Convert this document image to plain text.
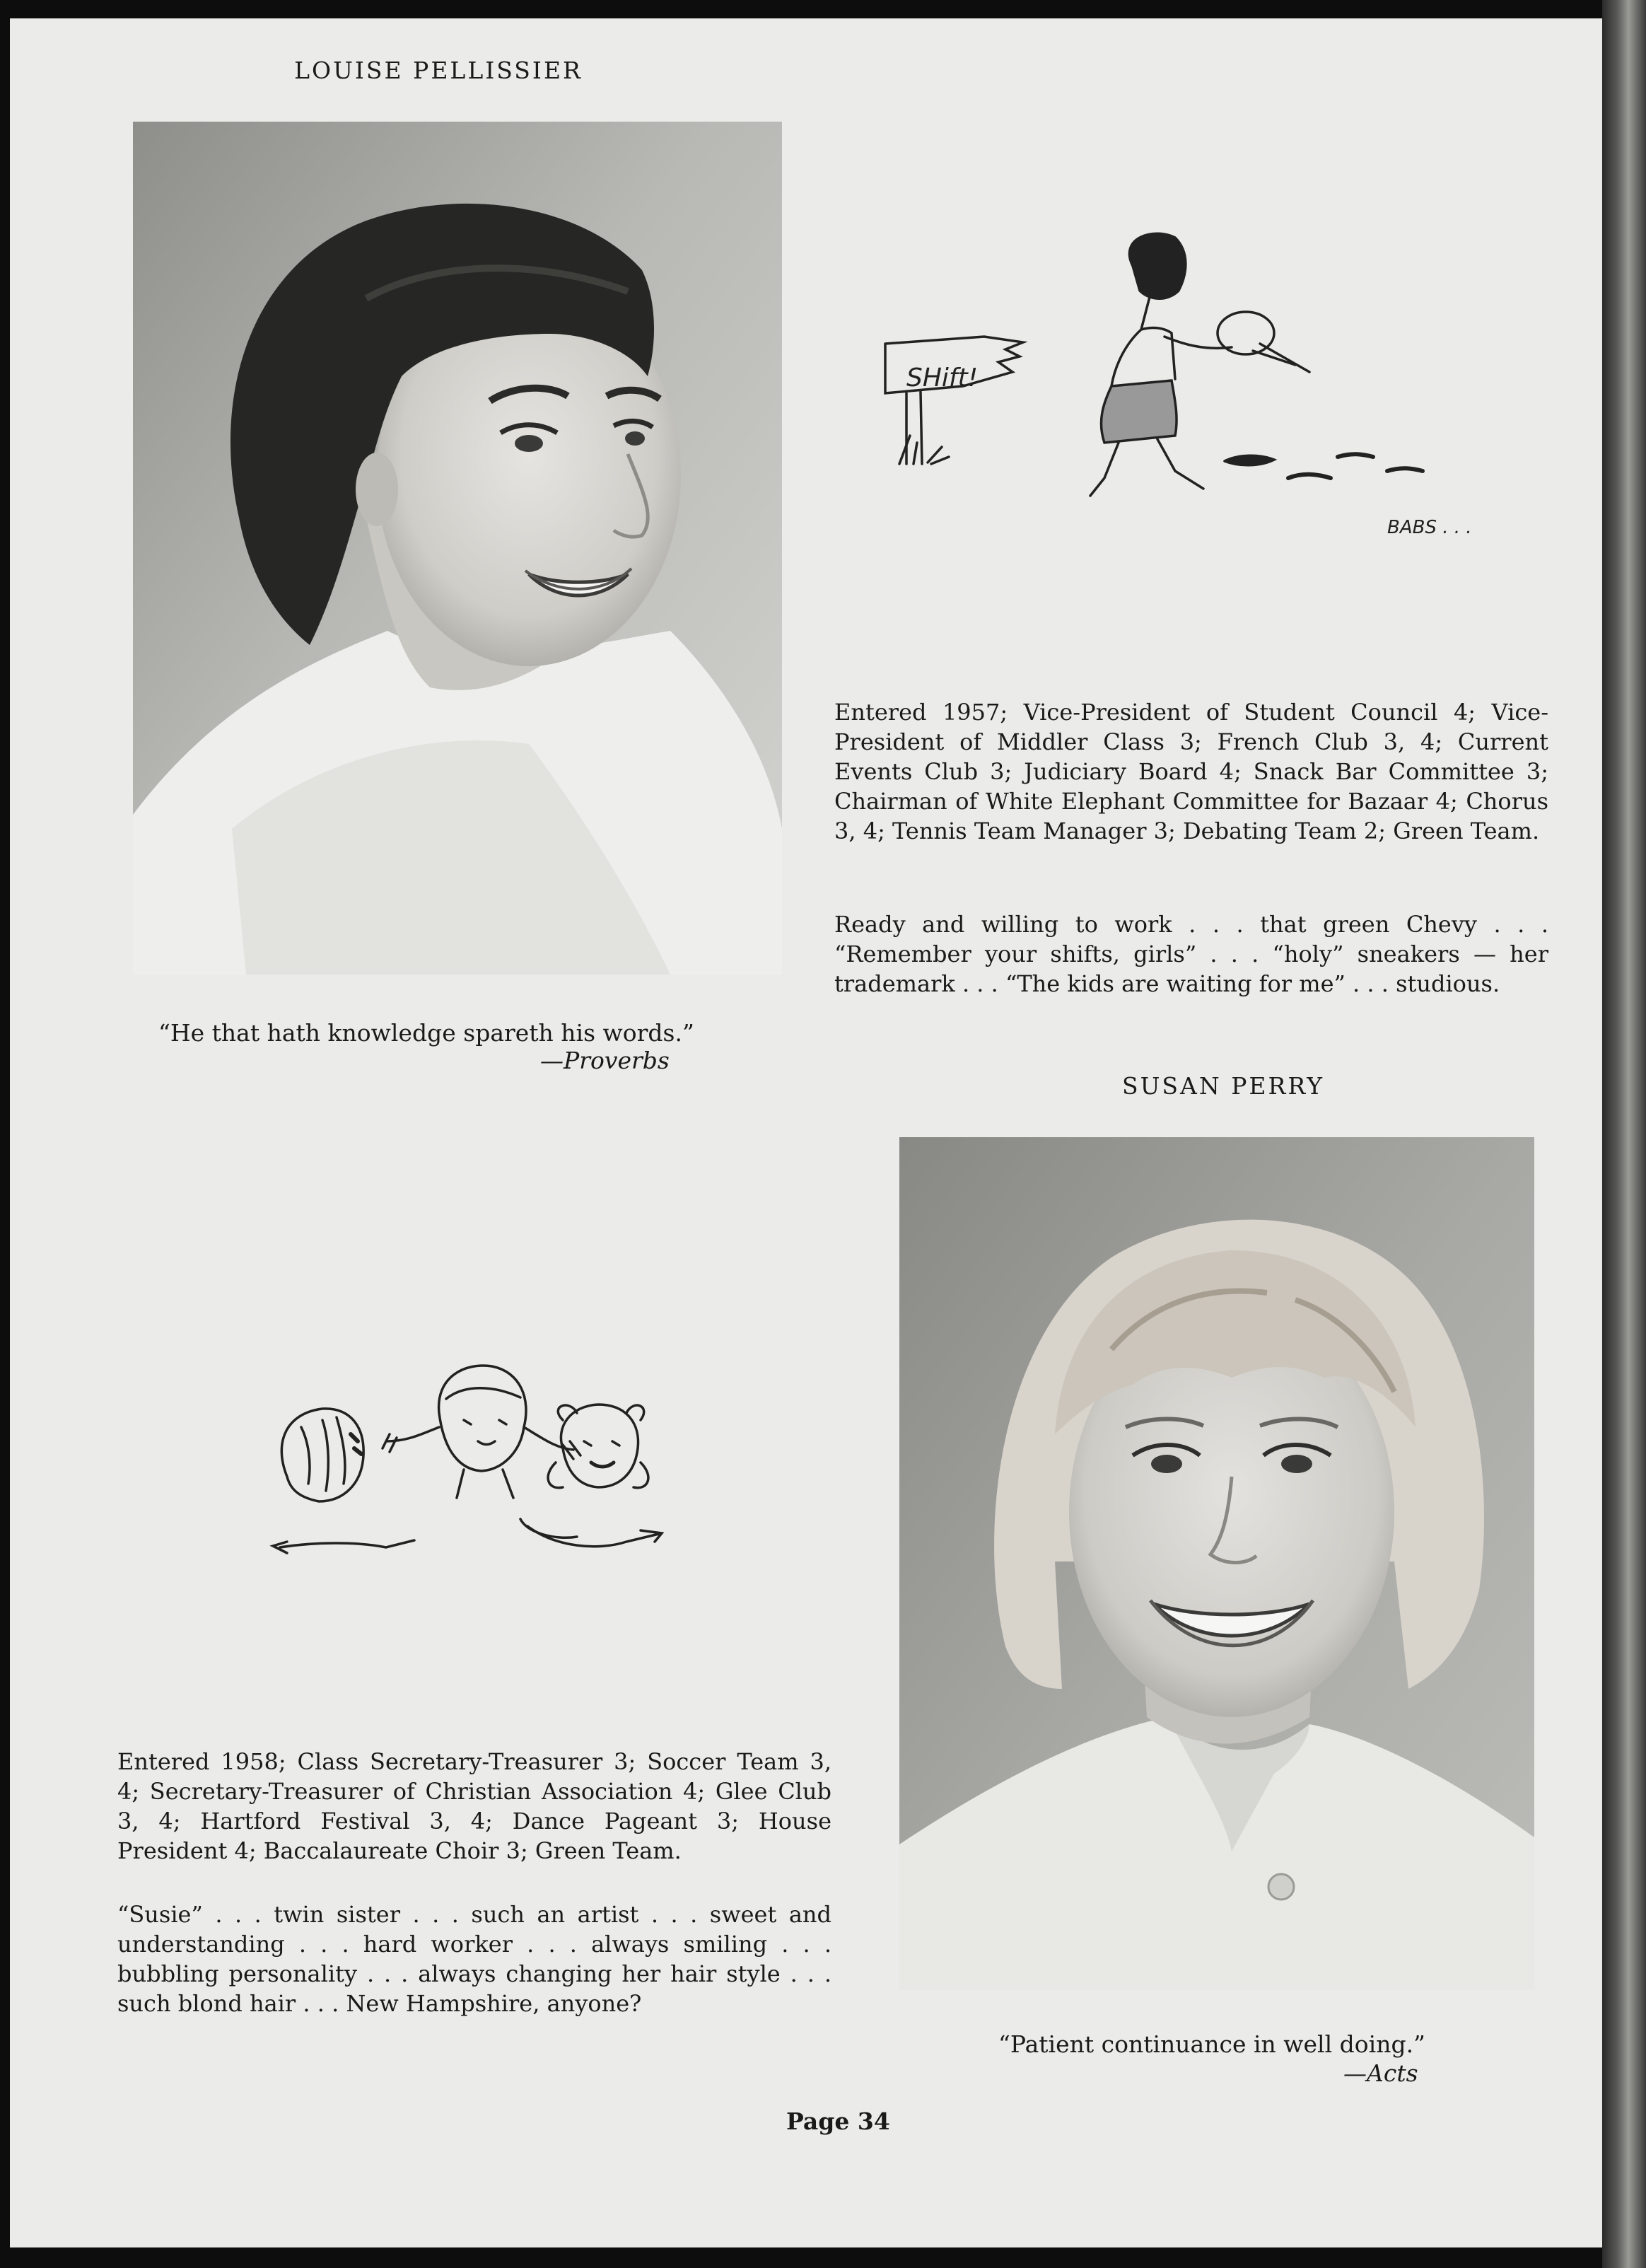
LOUISE PELLISSIER
SHift!
BABS . . .
Entered 1957; Vice-President of Student Council 4; Vice-President of Middler Class 3; French Club 3, 4; Current Events Club 3; Judiciary Board 4; Snack Bar Committee 3; Chairman of White Elephant Committee for Bazaar 4; Chorus 3, 4; Tennis Team Manager 3; Debating Team 2; Green Team.
Ready and willing to work . . . that green Chevy . . . “Remember your shifts, girls” . . . “holy” sneakers — her trademark . . . “The kids are waiting for me” . . . studious.
“He that hath knowledge spareth his words.”
—Proverbs
SUSAN PERRY
Entered 1958; Class Secretary-Treasurer 3; Soccer Team 3, 4; Secretary-Treasurer of Christian Association 4; Glee Club 3, 4; Hartford Festival 3, 4; Dance Pageant 3; House President 4; Baccalaureate Choir 3; Green Team.
“Susie” . . . twin sister . . . such an artist . . . sweet and understanding . . . hard worker . . . always smiling . . . bubbling personality . . . always changing her hair style . . . such blond hair . . . New Hampshire, anyone?
“Patient continuance in well doing.”
—Acts
Page 34
